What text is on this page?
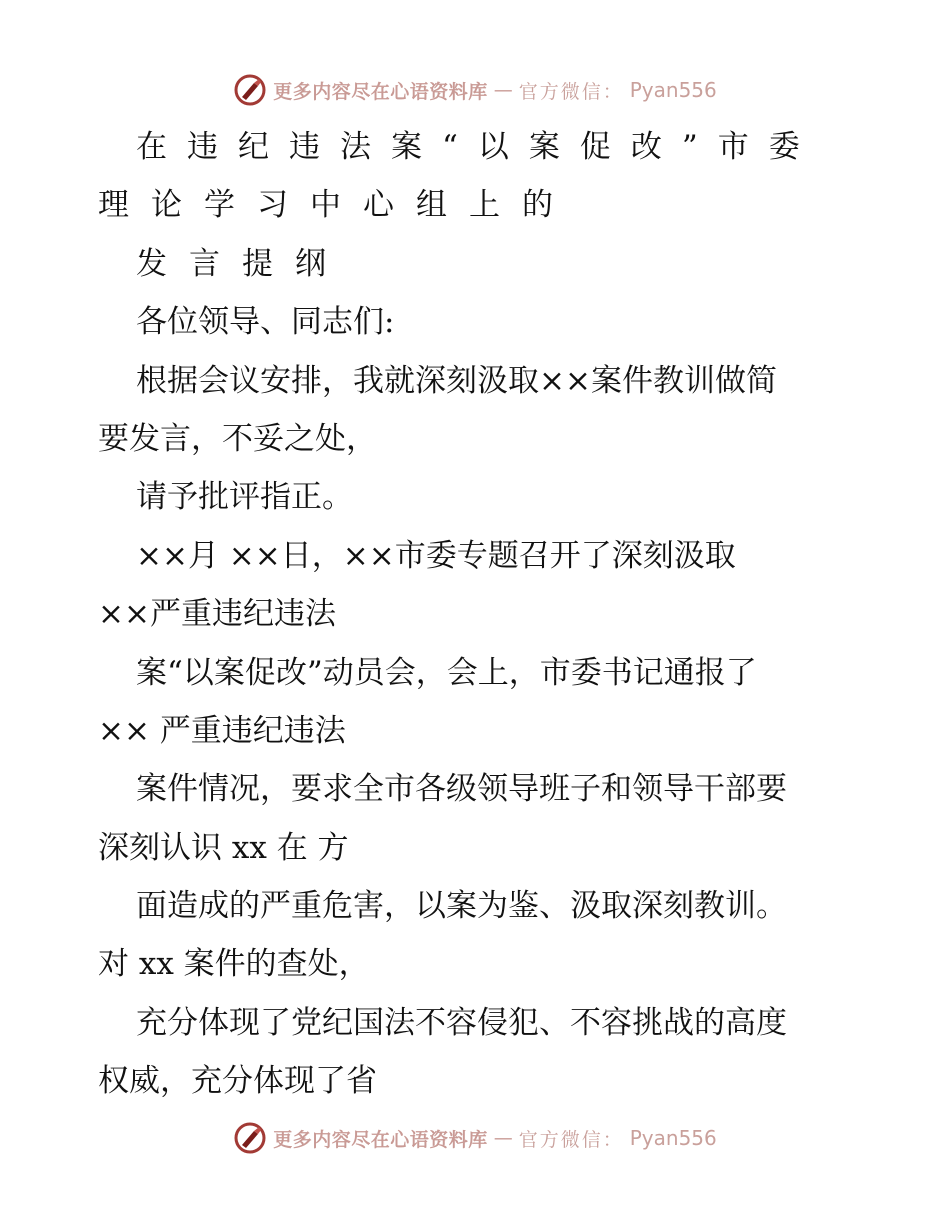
更多内容尽在心语资料库 — 官方微信： Pyan556
在违纪违法案“以案促改”市委
理论学习中心组上的
发言提纲
各位领导、同志们:
根据会议安排，我就深刻汲取××案件教训做简
要发言，不妥之处，
请予批评指正。
××月 ××日，××市委专题召开了深刻汲取
××严重违纪违法
案“以案促改”动员会，会上，市委书记通报了
×× 严重违纪违法
案件情况，要求全市各级领导班子和领导干部要
深刻认识 xx 在 方
面造成的严重危害，以案为鉴、汲取深刻教训。
对 xx 案件的查处，
充分体现了党纪国法不容侵犯、不容挑战的高度
权威，充分体现了省
更多内容尽在心语资料库 — 官方微信： Pyan556
